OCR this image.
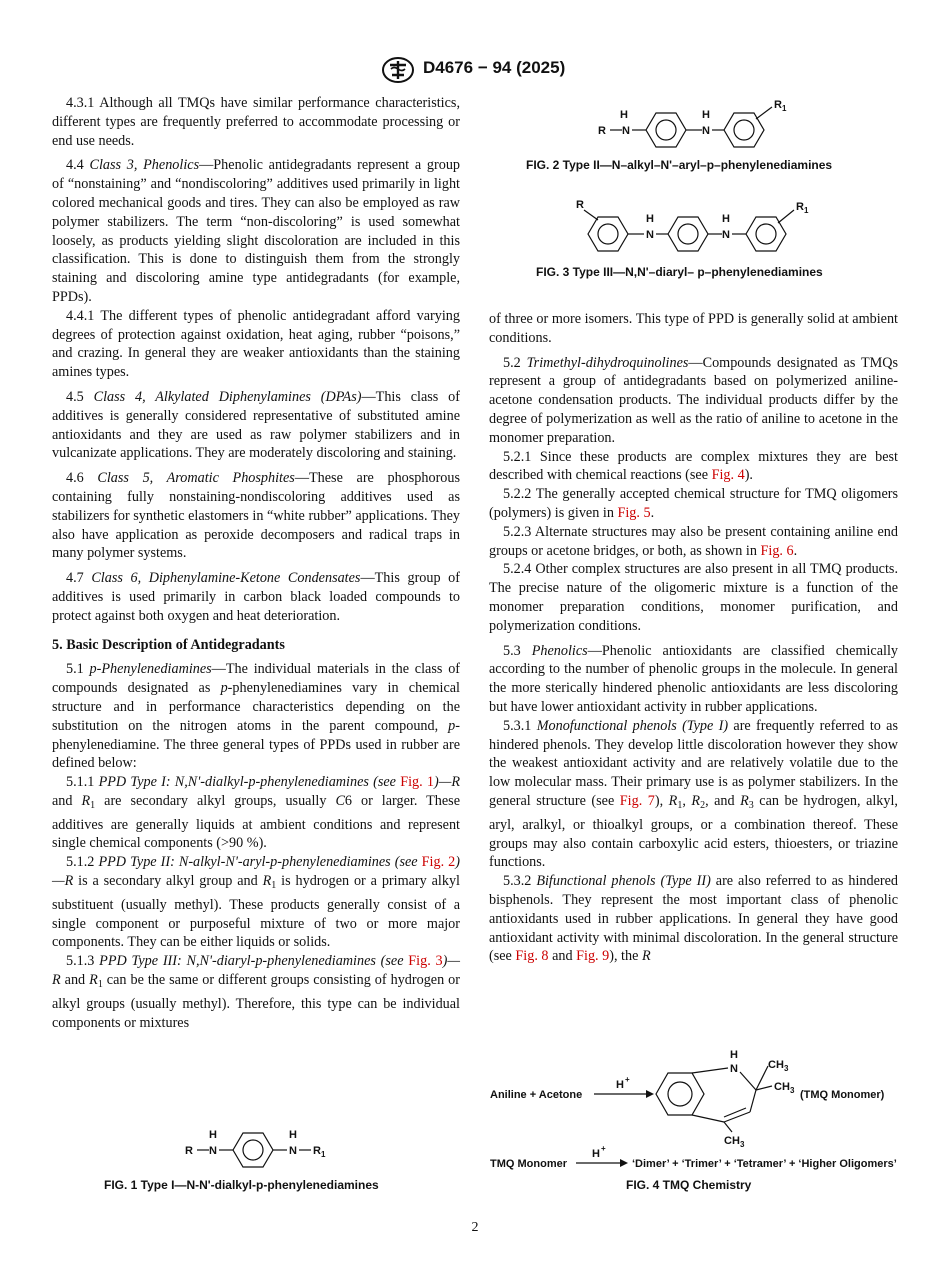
D4676 − 94 (2025)

4.3.1 Although all TMQs have similar performance characteristics, different types are frequently preferred to accommodate processing or end use needs.

4.4 Class 3, Phenolics—Phenolic antidegradants represent a group of “nonstaining” and “nondiscoloring” additives used primarily in light colored mechanical goods and tires. They can also be employed as raw polymer stabilizers. The term “non-discoloring” is used somewhat loosely, as products yielding slight discoloration are included in this classification. This is done to distinguish them from the strongly staining and discoloring amine type antidegradants (for example, PPDs).

4.4.1 The different types of phenolic antidegradant afford varying degrees of protection against oxidation, heat aging, rubber “poisons,” and crazing. In general they are weaker antioxidants than the staining amines types.

4.5 Class 4, Alkylated Diphenylamines (DPAs)—This class of additives is generally considered representative of substituted amine antioxidants and they are used as raw polymer stabilizers and in vulcanizate applications. They are moderately discoloring and staining.

4.6 Class 5, Aromatic Phosphites—These are phosphorous containing fully nonstaining-nondiscoloring additives used as stabilizers for synthetic elastomers in “white rubber” applications. They also have application as peroxide decomposers and radical traps in many polymer systems.

4.7 Class 6, Diphenylamine-Ketone Condensates—This group of additives is used primarily in carbon black loaded compounds to protect against both oxygen and heat deterioration.

5. Basic Description of Antidegradants

5.1 p-Phenylenediamines—The individual materials in the class of compounds designated as p-phenylenediamines vary in chemical structure and in performance characteristics depending on the substitution on the nitrogen atoms in the parent compound, p-phenylenediamine. The three general types of PPDs used in rubber are defined below:

5.1.1 PPD Type I: N,N'-dialkyl-p-phenylenediamines (see Fig. 1)—R and $R_1$ are secondary alkyl groups, usually C6 or larger. These additives are generally liquids at ambient conditions and represent single chemical components (>90 %).

5.1.2 PPD Type II: N-alkyl-N'-aryl-p-phenylenediamines (see Fig. 2)—R is a secondary alkyl group and $R_1$ is hydrogen or a primary alkyl substituent (usually methyl). These products generally consist of a single component or purposeful mixture of two or more major components. They can be either liquids or solids.

5.1.3 PPD Type III: N,N'-diaryl-p-phenylenediamines (see Fig. 3)—R and $R_1$ can be the same or different groups consisting of hydrogen or alkyl groups (usually methyl). Therefore, this type can be individual components or mixtures

R
H
N
H
N
R 1
FIG. 2 Type II—N–alkyl–N'–aryl–p–phenylenediamines
R
H
N
H
N
R 1
FIG. 3 Type III—N,N'–diaryl– p–phenylenediamines

of three or more isomers. This type of PPD is generally solid at ambient conditions.

5.2 Trimethyl-dihydroquinolines—Compounds designated as TMQs represent a group of antidegradants based on polymerized aniline-acetone condensation products. The individual products differ by the degree of polymerization as well as the ratio of aniline to acetone in the monomer preparation.

5.2.1 Since these products are complex mixtures they are best described with chemical reactions (see Fig. 4).

5.2.2 The generally accepted chemical structure for TMQ oligomers (polymers) is given in Fig. 5.

5.2.3 Alternate structures may also be present containing aniline end groups or acetone bridges, or both, as shown in Fig. 6.

5.2.4 Other complex structures are also present in all TMQ products. The precise nature of the oligomeric mixture is a function of the monomer preparation conditions, monomer purification, and polymerization conditions.

5.3 Phenolics—Phenolic antioxidants are classified chemically according to the number of phenolic groups in the molecule. In general the more sterically hindered phenolic antioxidants are less discoloring but have lower antioxidant activity in rubber applications.

5.3.1 Monofunctional phenols (Type I) are frequently referred to as hindered phenols. They develop little discoloration however they show the weakest antioxidant activity and are relatively volatile due to the low molecular mass. Their primary use is as polymer stabilizers. In the general structure (see Fig. 7), $R_1$, $R_2$, and $R_3$ can be hydrogen, alkyl, aryl, aralkyl, or thioalkyl groups, or a combination thereof. These groups may also contain carboxylic acid esters, thioesters, or triazine functions.

5.3.2 Bifunctional phenols (Type II) are also referred to as hindered bisphenols. They represent the most important class of phenolic antioxidants used in rubber applications. In general they have good antioxidant activity with minimal discoloration. In the general structure (see Fig. 8 and Fig. 9), the R

R
H
N
H
N R 1
FIG. 1 Type I—N-N'-dialkyl-p-phenylenediamines
Aniline + Acetone
H +
H
N	CH 3
CH 3
CH 3
(TMQ Monomer)
TMQ Monomer
H +
‘Dimer’ + ‘Trimer’ + ‘Tetramer’ + ‘Higher Oligomers’
FIG. 4 TMQ Chemistry
2
